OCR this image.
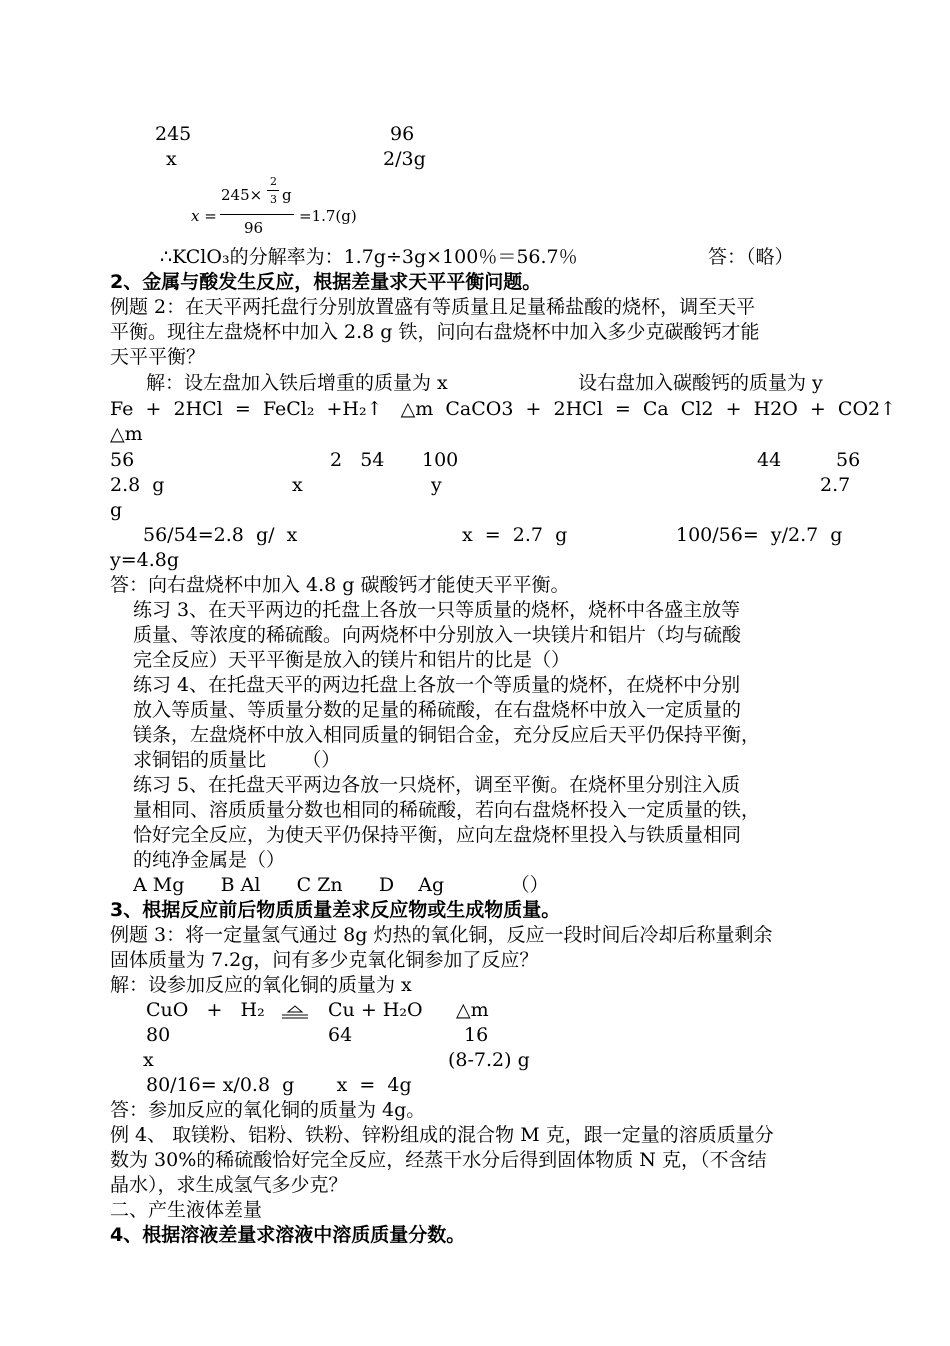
245	96
x	2/3g
x =
245×
2
3 g
96
=1.7(g)
∴KClO₃的分解率为：1.7g÷3g×100％＝56.7％	答：（略）
2、金属与酸发生反应，根据差量求天平平衡问题。
例题 2：在天平两托盘行分别放置盛有等质量且足量稀盐酸的烧杯，调至天平
平衡。现往左盘烧杯中加入 2.8 g 铁，问向右盘烧杯中加入多少克碳酸钙才能
天平平衡？
解：设左盘加入铁后增重的质量为 x	设右盘加入碳酸钙的质量为 y
Fe  +  2HCl  =  FeCl₂  +H₂↑   △m  CaCO3  +  2HCl  =  Ca  Cl2  +  H2O  +  CO2↑
△m
56	2   54 100	44	56
2.8  g	x	y	2.7
g
56/54=2.8  g/  x	x  =  2.7  g	100/56=  y/2.7  g
y=4.8g
答：向右盘烧杯中加入 4.8 g 碳酸钙才能使天平平衡。
练习 3、在天平两边的托盘上各放一只等质量的烧杯，烧杯中各盛主放等
质量、等浓度的稀硫酸。向两烧杯中分别放入一块镁片和铝片（均与硫酸
完全反应）天平平衡是放入的镁片和铝片的比是（）
练习 4、在托盘天平的两边托盘上各放一个等质量的烧杯，在烧杯中分别
放入等质量、等质量分数的足量的稀硫酸，在右盘烧杯中放入一定质量的
镁条，左盘烧杯中放入相同质量的铜铝合金，充分反应后天平仍保持平衡，
求铜铝的质量比      （）
练习 5、在托盘天平两边各放一只烧杯，调至平衡。在烧杯里分别注入质
量相同、溶质质量分数也相同的稀硫酸，若向右盘烧杯投入一定质量的铁，
恰好完全反应，为使天平仍保持平衡，应向左盘烧杯里投入与铁质量相同
的纯净金属是（）
A Mg      B Al      C Zn      D    Ag           （）
3、根据反应前后物质质量差求反应物或生成物质量。
例题 3：将一定量氢气通过 8g 灼热的氧化铜，反应一段时间后冷却后称量剩余
固体质量为 7.2g，问有多少克氧化铜参加了反应？
解：设参加反应的氧化铜的质量为 x
CuO   +   H₂	Cu + H₂O △m
80	64	16
x	(8-7.2) g
80/16= x/0.8  g       x  =  4g
答：参加反应的氧化铜的质量为 4g。
例 4、 取镁粉、铝粉、铁粉、锌粉组成的混合物 M 克，跟一定量的溶质质量分
数为 30%的稀硫酸恰好完全反应，经蒸干水分后得到固体物质 N 克，（不含结
晶水），求生成氢气多少克？
二、产生液体差量
4、根据溶液差量求溶液中溶质质量分数。
